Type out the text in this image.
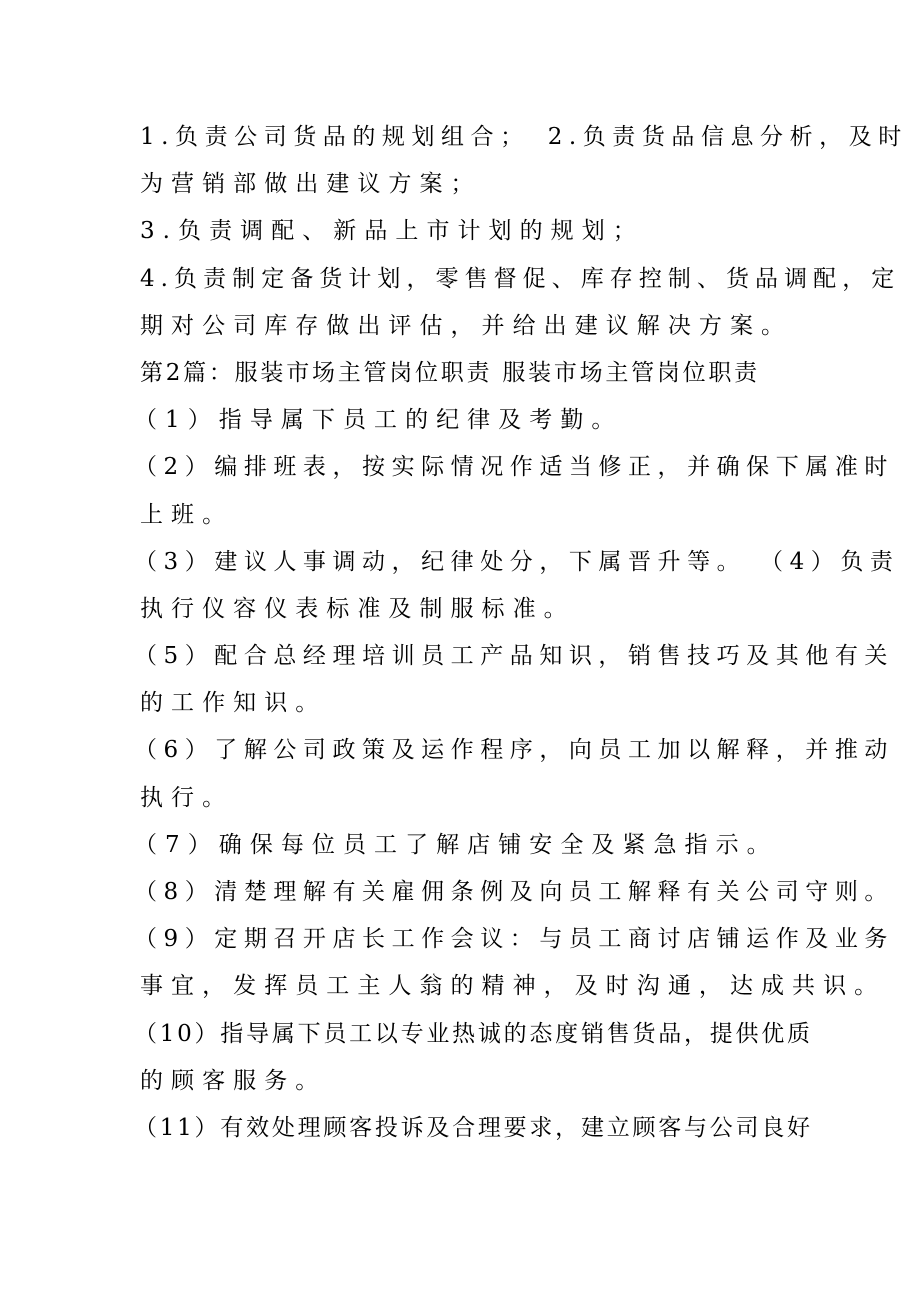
1.负责公司货品的规划组合；　2.负责货品信息分析，及时
为营销部做出建议方案；
3.负责调配、新品上市计划的规划；
4.负责制定备货计划，零售督促、库存控制、货品调配，定
期对公司库存做出评估，并给出建议解决方案。
第2篇：服装市场主管岗位职责 服装市场主管岗位职责
（1）指导属下员工的纪律及考勤。
（2）编排班表，按实际情况作适当修正，并确保下属准时
上班。
（3）建议人事调动，纪律处分，下属晋升等。 （4）负责
执行仪容仪表标准及制服标准。
（5）配合总经理培训员工产品知识，销售技巧及其他有关
的工作知识。
（6）了解公司政策及运作程序，向员工加以解释，并推动
执行。
（7）确保每位员工了解店铺安全及紧急指示。
（8）清楚理解有关雇佣条例及向员工解释有关公司守则。
（9）定期召开店长工作会议：与员工商讨店铺运作及业务
事宜，发挥员工主人翁的精神，及时沟通，达成共识。
（10）指导属下员工以专业热诚的态度销售货品，提供优质
的顾客服务。
（11）有效处理顾客投诉及合理要求，建立顾客与公司良好
